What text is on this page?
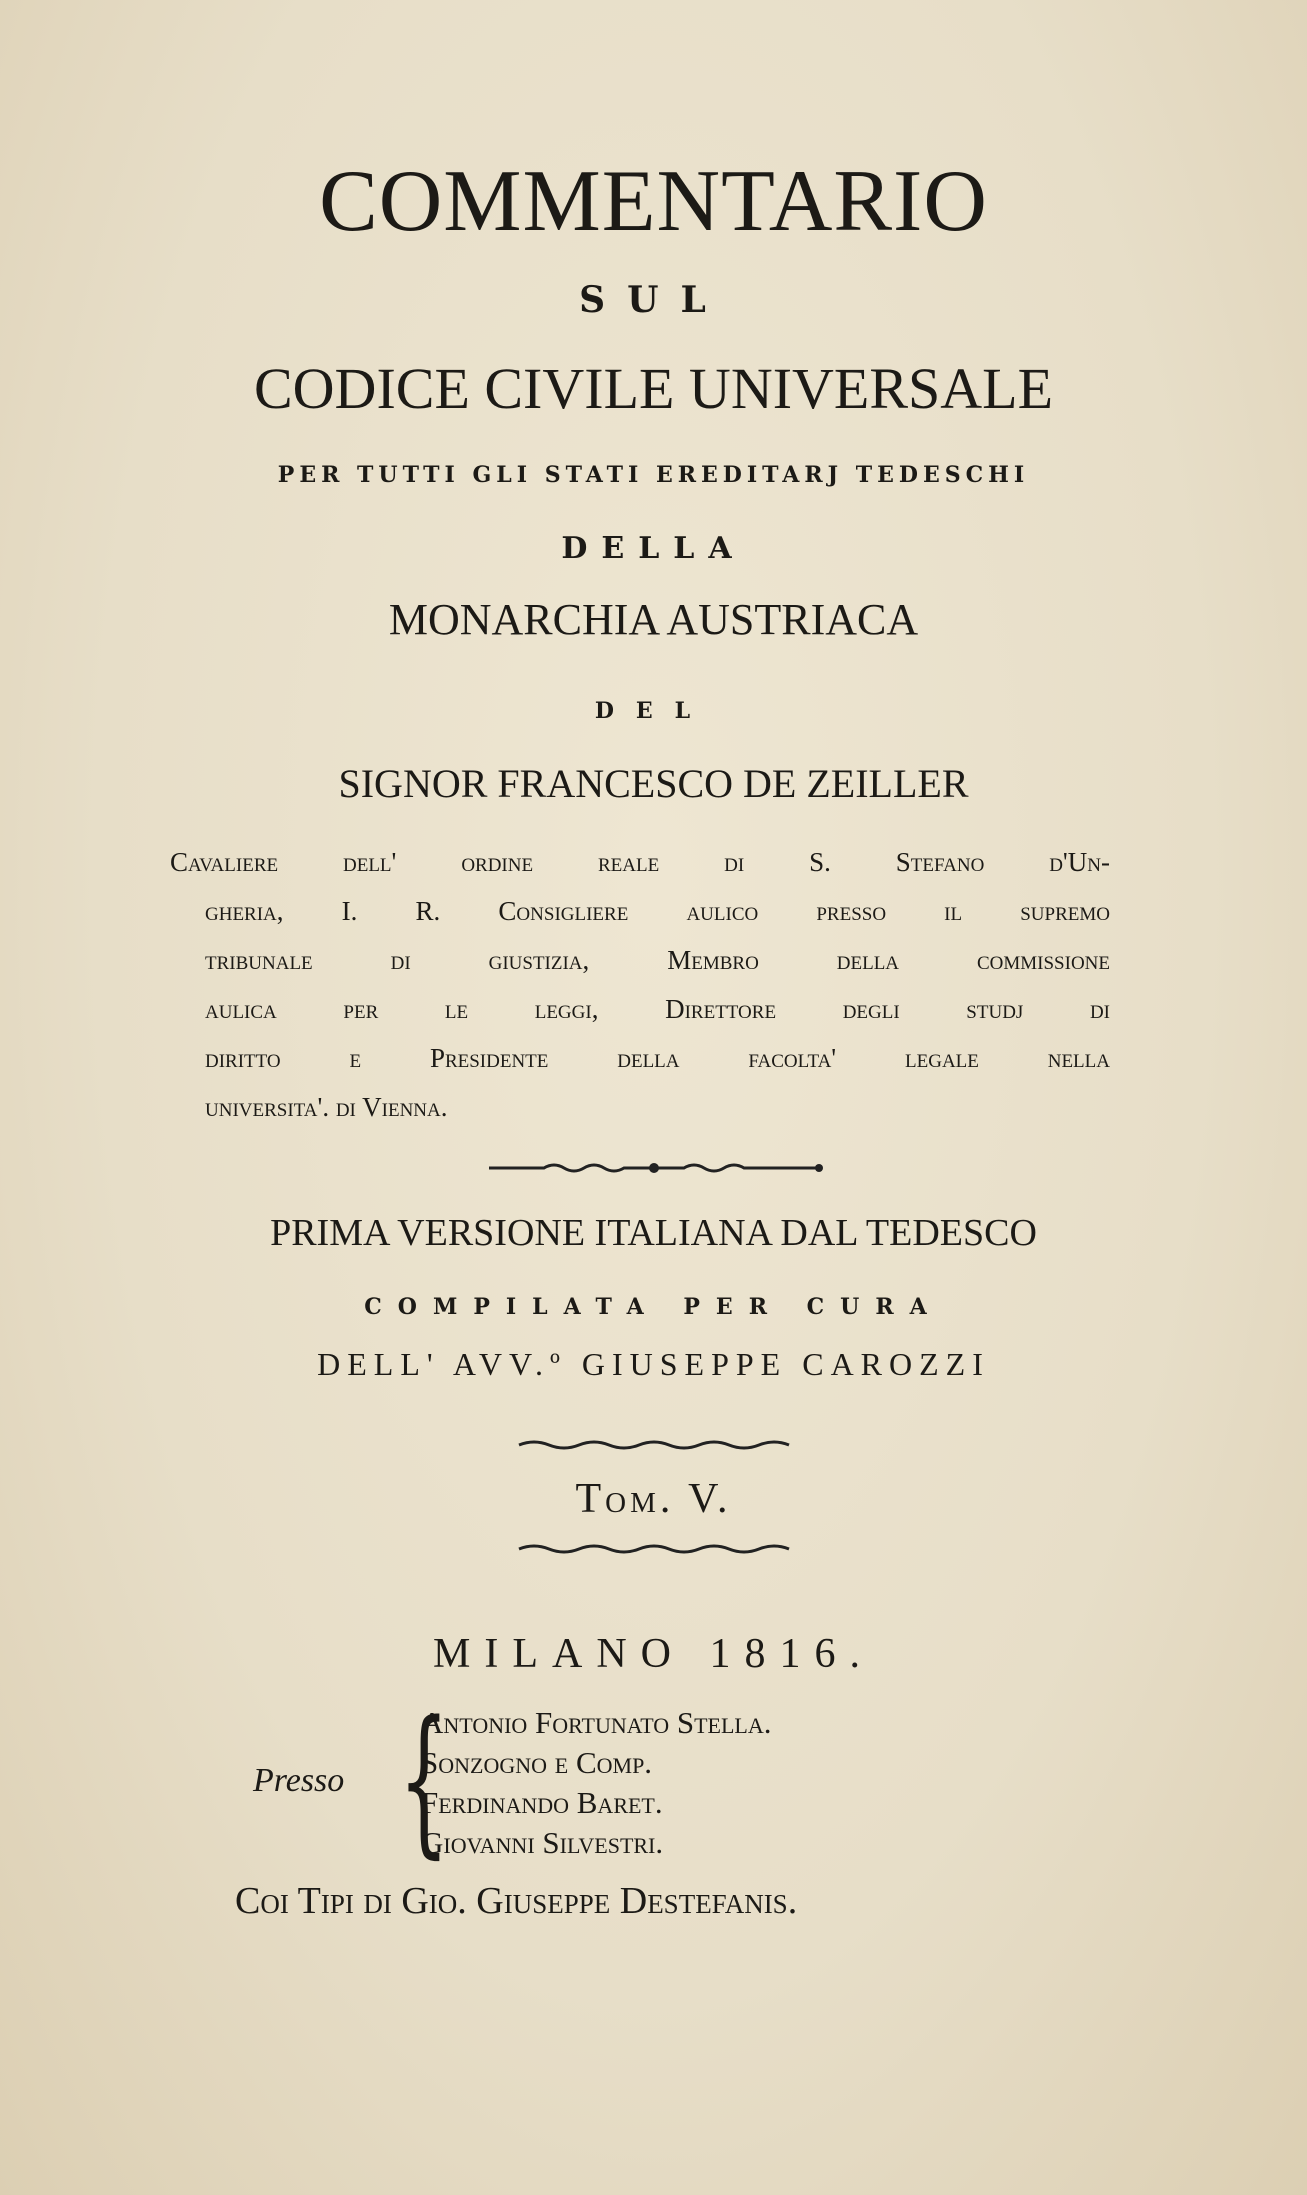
COMMENTARIO
SUL
CODICE CIVILE UNIVERSALE
PER TUTTI GLI STATI EREDITARJ TEDESCHI
DELLA
MONARCHIA AUSTRIACA
DEL
SIGNOR FRANCESCO DE ZEILLER
Cavaliere dell' ordine reale di S. Stefano d'Un-
gheria, I. R. Consigliere aulico presso il supremo
tribunale di giustizia, Membro della commissione
aulica per le leggi, Direttore degli studj di
diritto e Presidente della facolta' legale nella
universita'. di Vienna.
PRIMA VERSIONE ITALIANA DAL TEDESCO
COMPILATA PER CURA
DELL' AVV.º GIUSEPPE CAROZZI
Tom. V.
MILANO 1816.
Presso {
Antonio Fortunato Stella.
Sonzogno e Comp.
Ferdinando Baret.
Giovanni Silvestri.
Coi Tipi di Gio. Giuseppe Destefanis.
